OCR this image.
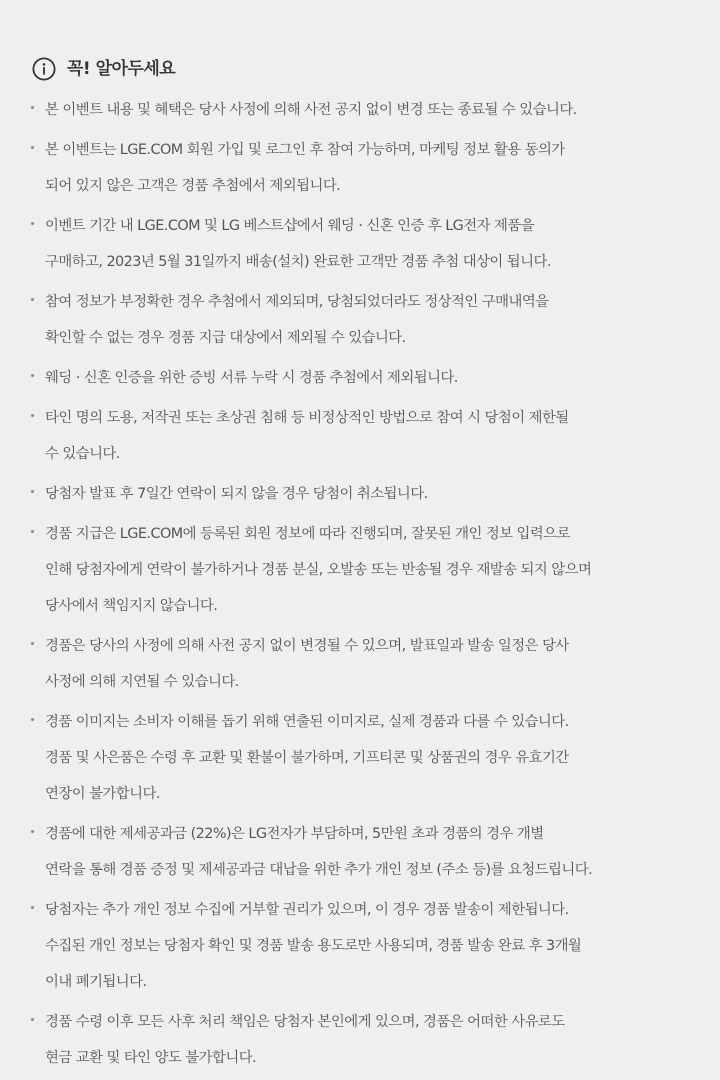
꼭! 알아두세요
본 이벤트 내용 및 혜택은 당사 사정에 의해 사전 공지 없이 변경 또는 종료될 수 있습니다.
본 이벤트는 LGE.COM 회원 가입 및 로그인 후 참여 가능하며, 마케팅 정보 활용 동의가
되어 있지 않은 고객은 경품 추첨에서 제외됩니다.
이벤트 기간 내 LGE.COM 및 LG 베스트샵에서 웨딩 · 신혼 인증 후 LG전자 제품을
구매하고, 2023년 5월 31일까지 배송(설치) 완료한 고객만 경품 추첨 대상이 됩니다.
참여 정보가 부정확한 경우 추첨에서 제외되며, 당첨되었더라도 정상적인 구매내역을
확인할 수 없는 경우 경품 지급 대상에서 제외될 수 있습니다.
웨딩 · 신혼 인증을 위한 증빙 서류 누락 시 경품 추첨에서 제외됩니다.
타인 명의 도용, 저작권 또는 초상권 침해 등 비정상적인 방법으로 참여 시 당첨이 제한될
수 있습니다.
당첨자 발표 후 7일간 연락이 되지 않을 경우 당첨이 취소됩니다.
경품 지급은 LGE.COM에 등록된 회원 정보에 따라 진행되며, 잘못된 개인 정보 입력으로
인해 당첨자에게 연락이 불가하거나 경품 분실, 오발송 또는 반송될 경우 재발송 되지 않으며
당사에서 책임지지 않습니다.
경품은 당사의 사정에 의해 사전 공지 없이 변경될 수 있으며, 발표일과 발송 일정은 당사
사정에 의해 지연될 수 있습니다.
경품 이미지는 소비자 이해를 돕기 위해 연출된 이미지로, 실제 경품과 다를 수 있습니다.
경품 및 사은품은 수령 후 교환 및 환불이 불가하며, 기프티콘 및 상품권의 경우 유효기간
연장이 불가합니다.
경품에 대한 제세공과금 (22%)은 LG전자가 부담하며, 5만원 초과 경품의 경우 개별
연락을 통해 경품 증정 및 제세공과금 대납을 위한 추가 개인 정보 (주소 등)를 요청드립니다.
당첨자는 추가 개인 정보 수집에 거부할 권리가 있으며, 이 경우 경품 발송이 제한됩니다.
수집된 개인 정보는 당첨자 확인 및 경품 발송 용도로만 사용되며, 경품 발송 완료 후 3개월
이내 폐기됩니다.
경품 수령 이후 모든 사후 처리 책임은 당첨자 본인에게 있으며, 경품은 어떠한 사유로도
현금 교환 및 타인 양도 불가합니다.
